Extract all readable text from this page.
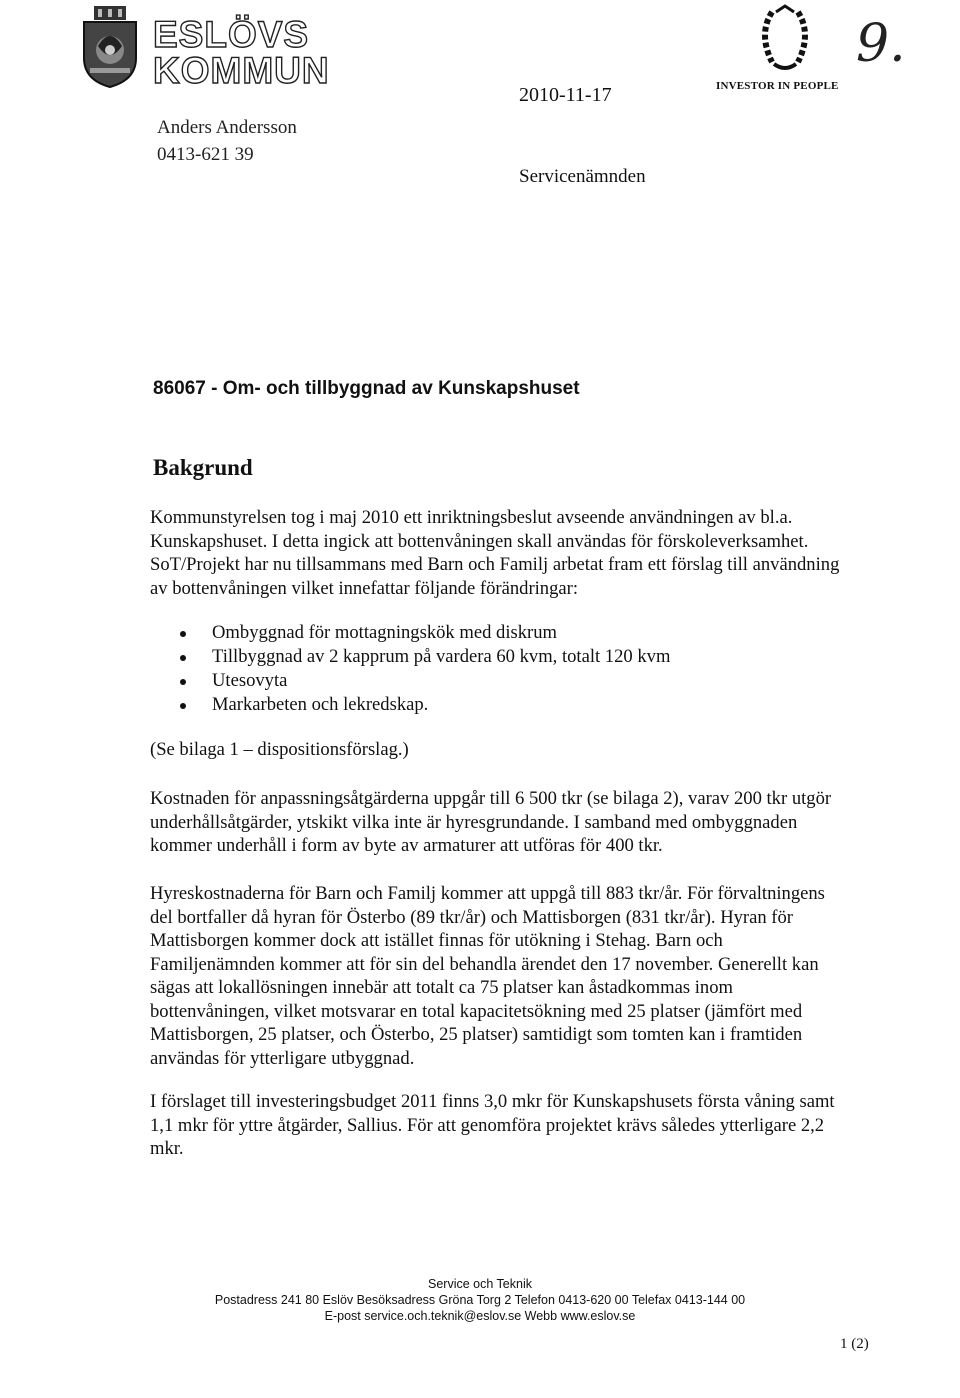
ESLÖVS
KOMMUN
2010-11-17	INVESTOR IN PEOPLE
9.
Anders Andersson
0413-621 39
Servicenämnden
86067 - Om- och tillbyggnad av Kunskapshuset
Bakgrund

Kommunstyrelsen tog i maj 2010 ett inriktningsbeslut avseende användningen av bl.a. Kunskapshuset. I detta ingick att bottenvåningen skall användas för förskoleverksamhet. SoT/Projekt har nu tillsammans med Barn och Familj arbetat fram ett förslag till användning av bottenvåningen vilket innefattar följande förändringar:

Ombyggnad för mottagningskök med diskrum
Tillbyggnad av 2 kapprum på vardera 60 kvm, totalt 120 kvm
Utesovyta
Markarbeten och lekredskap.

(Se bilaga 1 – dispositionsförslag.)

Kostnaden för anpassningsåtgärderna uppgår till 6 500 tkr (se bilaga 2), varav 200 tkr utgör underhållsåtgärder, ytskikt vilka inte är hyresgrundande. I samband med ombyggnaden kommer underhåll i form av byte av armaturer att utföras för 400 tkr.

Hyreskostnaderna för Barn och Familj kommer att uppgå till 883 tkr/år. För förvaltningens del bortfaller då hyran för Österbo (89 tkr/år) och Mattisborgen (831 tkr/år). Hyran för Mattisborgen kommer dock att istället finnas för utökning i Stehag. Barn och Familjenämnden kommer att för sin del behandla ärendet den 17 november. Generellt kan sägas att lokallösningen innebär att totalt ca 75 platser kan åstadkommas inom bottenvåningen, vilket motsvarar en total kapacitetsökning med 25 platser (jämfört med Mattisborgen, 25 platser, och Österbo, 25 platser) samtidigt som tomten kan i framtiden användas för ytterligare utbyggnad.

I förslaget till investeringsbudget 2011 finns 3,0 mkr för Kunskapshusets första våning samt 1,1 mkr för yttre åtgärder, Sallius. För att genomföra projektet krävs således ytterligare 2,2 mkr.

Service och Teknik
Postadress 241 80 Eslöv Besöksadress Gröna Torg 2 Telefon 0413-620 00 Telefax 0413-144 00
E-post service.och.teknik@eslov.se Webb www.eslov.se
1 (2)
